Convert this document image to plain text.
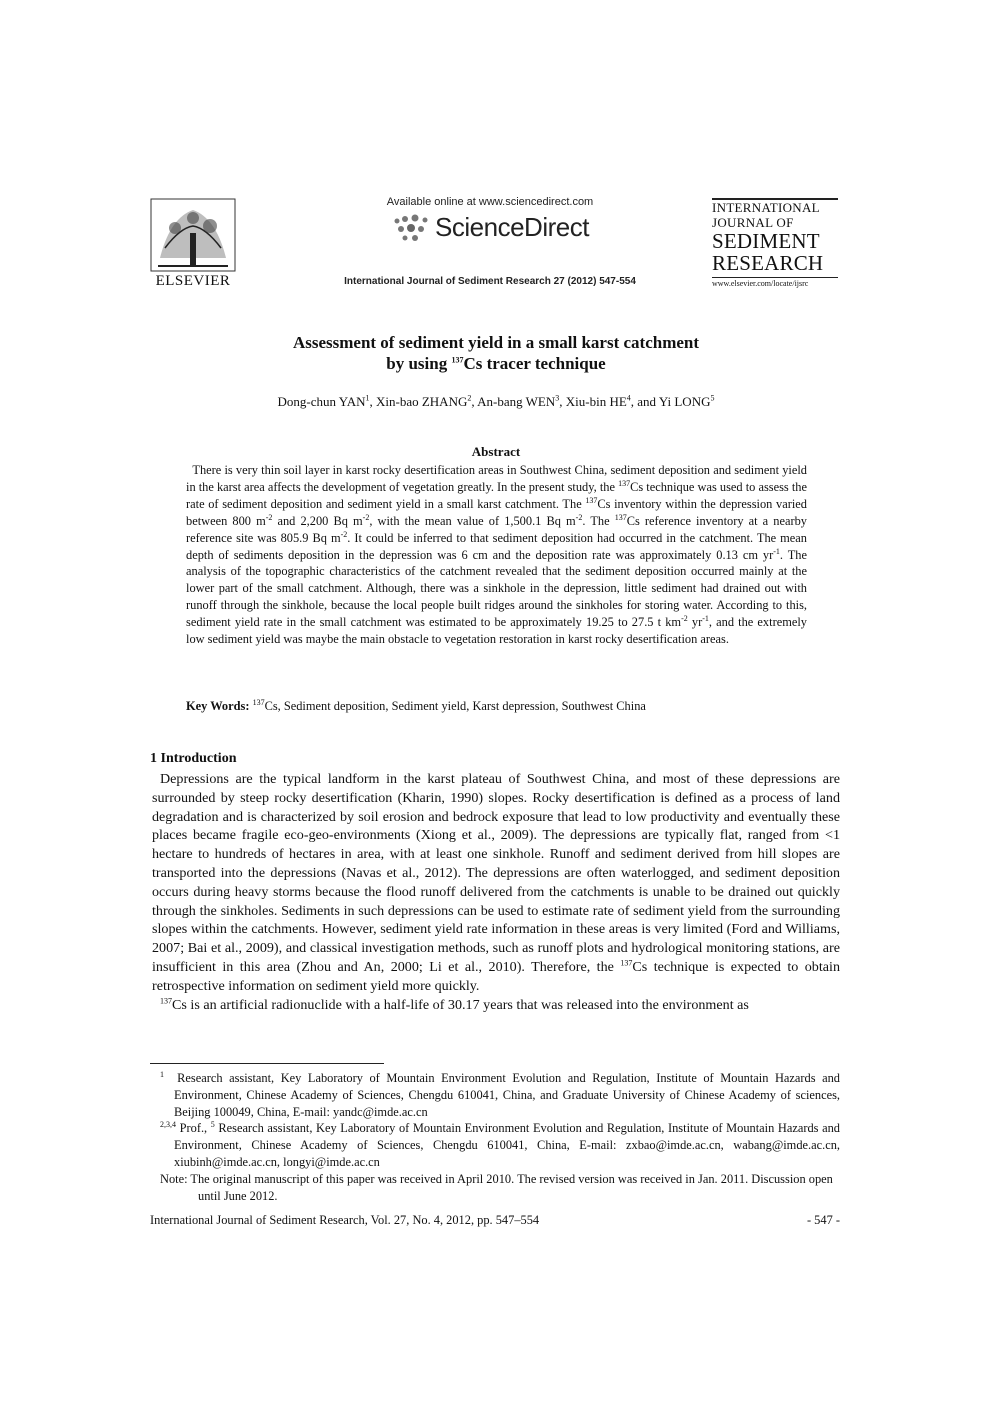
ELSEVIER
Available online at www.sciencedirect.com
ScienceDirect
International Journal of Sediment Research 27 (2012) 547-554
INTERNATIONAL
JOURNAL OF
SEDIMENT
RESEARCH
www.elsevier.com/locate/ijsrc
Assessment of sediment yield in a small karst catchment
by using $^{137}$Cs tracer technique
Dong-chun YAN$^1$, Xin-bao ZHANG$^2$, An-bang WEN$^3$, Xiu-bin $HE^4$, and Yi LONG$^5$
Abstract
There is very thin soil layer in karst rocky desertification areas in Southwest China, sediment deposition and sediment yield in the karst area affects the development of vegetation greatly. In the present study, the $^{137}$Cs technique was used to assess the rate of sediment deposition and sediment yield in a small karst catchment. The $^{137}$Cs inventory within the depression varied between 800 $m^{-2}$ and 2,200 Bq $m^{-2}$, with the mean value of 1,500.1 Bq $m^{-2}$. The $^{137}$Cs reference inventory at a nearby reference site was 805.9 Bq $m^{-2}$. It could be inferred to that sediment deposition had occurred in the catchment. The mean depth of sediments deposition in the depression was 6 cm and the deposition rate was approximately 0.13 cm $yr^{-1}$. The analysis of the topographic characteristics of the catchment revealed that the sediment deposition occurred mainly at the lower part of the small catchment. Although, there was a sinkhole in the depression, little sediment had drained out with runoff through the sinkhole, because the local people built ridges around the sinkholes for storing water. According to this, sediment yield rate in the small catchment was estimated to be approximately 19.25 to 27.5 t $km^{-2}$ $yr^{-1}$, and the extremely low sediment yield was maybe the main obstacle to vegetation restoration in karst rocky desertification areas.
Key Words: $^{137}$Cs, Sediment deposition, Sediment yield, Karst depression, Southwest China
1 Introduction

Depressions are the typical landform in the karst plateau of Southwest China, and most of these depressions are surrounded by steep rocky desertification (Kharin, 1990) slopes. Rocky desertification is defined as a process of land degradation and is characterized by soil erosion and bedrock exposure that lead to low productivity and eventually these places became fragile eco-geo-environments (Xiong et al., 2009). The depressions are typically flat, ranged from <1 hectare to hundreds of hectares in area, with at least one sinkhole. Runoff and sediment derived from hill slopes are transported into the depressions (Navas et al., 2012). The depressions are often waterlogged, and sediment deposition occurs during heavy storms because the flood runoff delivered from the catchments is unable to be drained out quickly through the sinkholes. Sediments in such depressions can be used to estimate rate of sediment yield from the surrounding slopes within the catchments. However, sediment yield rate information in these areas is very limited (Ford and Williams, 2007; Bai et al., 2009), and classical investigation methods, such as runoff plots and hydrological monitoring stations, are insufficient in this area (Zhou and An, 2000; Li et al., 2010). Therefore, the $^{137}$Cs technique is expected to obtain retrospective information on sediment yield more quickly.

$^{137}$Cs is an artificial radionuclide with a half-life of 30.17 years that was released into the environment as

$^1$ Research assistant, Key Laboratory of Mountain Environment Evolution and Regulation, Institute of Mountain Hazards and Environment, Chinese Academy of Sciences, Chengdu 610041, China, and Graduate University of Chinese Academy of sciences, Beijing 100049, China, E-mail: yandc@imde.ac.cn

$^{2,3,4}$ Prof., $^5$ Research assistant, Key Laboratory of Mountain Environment Evolution and Regulation, Institute of Mountain Hazards and Environment, Chinese Academy of Sciences, Chengdu 610041, China, E-mail: zxbao@imde.ac.cn, wabang@imde.ac.cn, xiubinh@imde.ac.cn, longyi@imde.ac.cn

Note: The original manuscript of this paper was received in April 2010. The revised version was received in Jan. 2011. Discussion open until June 2012.

International Journal of Sediment Research, Vol. 27, No. 4, 2012, pp. 547–554	- 547 -
